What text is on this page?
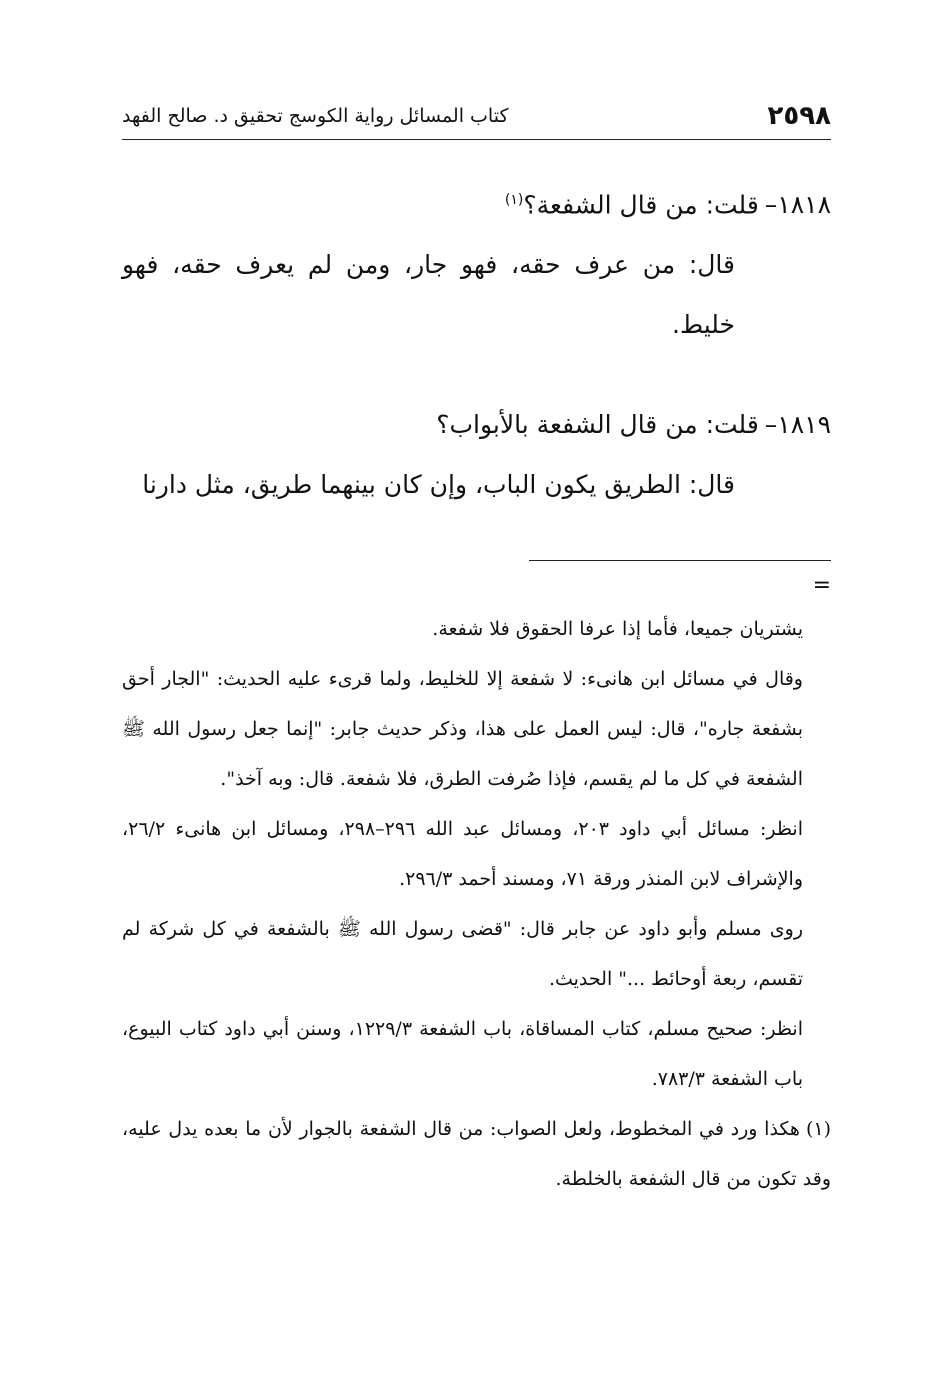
٢٥٩٨
كتاب المسائل رواية الكوسج تحقيق د. صالح الفهد
١٨١٨–قلت: من قال الشفعة؟$^{(١)}$
قال: من عرف حقه، فهو جار، ومن لم يعرف حقه، فهو خليط.
١٨١٩–قلت: من قال الشفعة بالأبواب؟
قال: الطريق يكون الباب، وإن كان بينهما طريق، مثل دارنا
=

يشتريان جميعا، فأما إذا عرفا الحقوق فلا شفعة.

وقال في مسائل ابن هانىء: لا شفعة إلا للخليط، ولما قرىء عليه الحديث: "الجار أحق بشفعة جاره"، قال: ليس العمل على هذا، وذكر حديث جابر: "إنما جعل رسول الله ﷺ الشفعة في كل ما لم يقسم، فإذا صُرفت الطرق، فلا شفعة. قال: وبه آخذ".

انظر: مسائل أبي داود ٢٠٣، ومسائل عبد الله ٢٩٦–٢٩٨، ومسائل ابن هانىء ٢٦/٢، والإشراف لابن المنذر ورقة ٧١، ومسند أحمد ٢٩٦/٣.

روى مسلم وأبو داود عن جابر قال: "قضى رسول الله ﷺ بالشفعة في كل شركة لم تقسم، ربعة أوحائط ..." الحديث.

انظر: صحيح مسلم، كتاب المساقاة، باب الشفعة ١٢٢٩/٣، وسنن أبي داود كتاب البيوع، باب الشفعة ٧٨٣/٣.

(١)هكذا ورد في المخطوط، ولعل الصواب: من قال الشفعة بالجوار لأن ما بعده يدل عليه، وقد تكون من قال الشفعة بالخلطة.
